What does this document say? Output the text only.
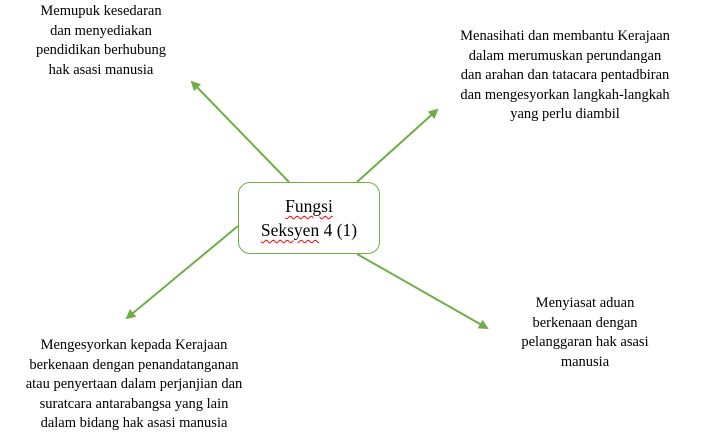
Fungsi
Seksyen 4 (1)
Memupuk kesedaran
dan menyediakan
pendidikan berhubung
hak asasi manusia
Menasihati dan membantu Kerajaan
dalam merumuskan perundangan
dan arahan dan tatacara pentadbiran
dan mengesyorkan langkah-langkah
yang perlu diambil
Menyiasat aduan
berkenaan dengan
pelanggaran hak asasi
manusia
Mengesyorkan kepada Kerajaan
berkenaan dengan penandatanganan
atau penyertaan dalam perjanjian dan
suratcara antarabangsa yang lain
dalam bidang hak asasi manusia
